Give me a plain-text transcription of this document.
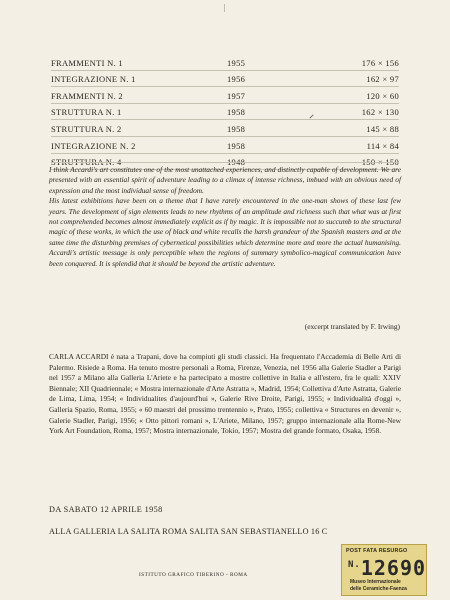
FRAMMENTI N. 1	1955	176 × 156
INTEGRAZIONE N. 1	1956	162 × 97
FRAMMENTI N. 2	1957	120 × 60
STRUTTURA N. 1	1958	162 × 130
STRUTTURA N. 2	1958	145 × 88
INTEGRAZIONE N. 2	1958	114 × 84
STRUTTURA N. 4	1948	150 × 150

I think Accardi's art constitutes one of the most unattached experiences, and distinctly capable of development. We are presented with an essential spirit of adventure leading to a climax of intense richness, imbued with an obvious need of expression and the most individual sense of freedom.

His latest exhibitions have been on a theme that I have rarely encountered in the one-man shows of these last few years. The development of sign elements leads to new rhythms of an amplitude and richness such that what was at first not comprehended becomes almost immediately explicit as if by magic. It is impossible not to succumb to the structural magic of these works, in which the use of black and white recalls the harsh grandeur of the Spanish masters and at the same time the disturbing premises of cybernetical possibilities which determine more and more the actual humanising. Accardi's artistic message is only perceptible when the regions of summary symbolico-magical communication have been conquered. It is splendid that it should be beyond the artistic adventure.

(excerpt translated by F. Irwing)
CARLA ACCARDI è nata a Trapani, dove ha compiuti gli studi classici. Ha frequentato l'Accademia di Belle Arti di Palermo. Risiede a Roma. Ha tenuto mostre personali a Roma, Firenze, Venezia, nel 1956 alla Galerie Stadler a Parigi nel 1957 a Milano alla Galleria L'Ariete e ha partecipato a mostre collettive in Italia e all'estero, fra le quali: XXIV Biennale; XII Quadriennale; « Mostra internazionale d'Arte Astratta », Madrid, 1954; Collettiva d'Arte Astratta, Galerie de Lima, Lima, 1954; « Individualites d'aujourd'hui », Galerie Rive Droite, Parigi, 1955; « Individualità d'oggi », Galleria Spazio, Roma, 1955; « 60 maestri del prossimo trentennio », Prato, 1955; collettiva « Structures en devenir », Galerie Stadler, Parigi, 1956; « Otto pittori romani », L'Ariete, Milano, 1957; gruppo internazionale alla Rome-New York Art Foundation, Roma, 1957; Mostra internazionale, Tokio, 1957; Mostra del grande formato, Osaka, 1958.
DA SABATO 12 APRILE 1958
ALLA GALLERIA LA SALITA ROMA SALITA SAN SEBASTIANELLO 16 C
ISTITUTO GRAFICO TIBERINO - ROMA
POST FATA RESURGO
$^{N.}$12690
Museo Internazionale
delle Ceramiche-Faenza
